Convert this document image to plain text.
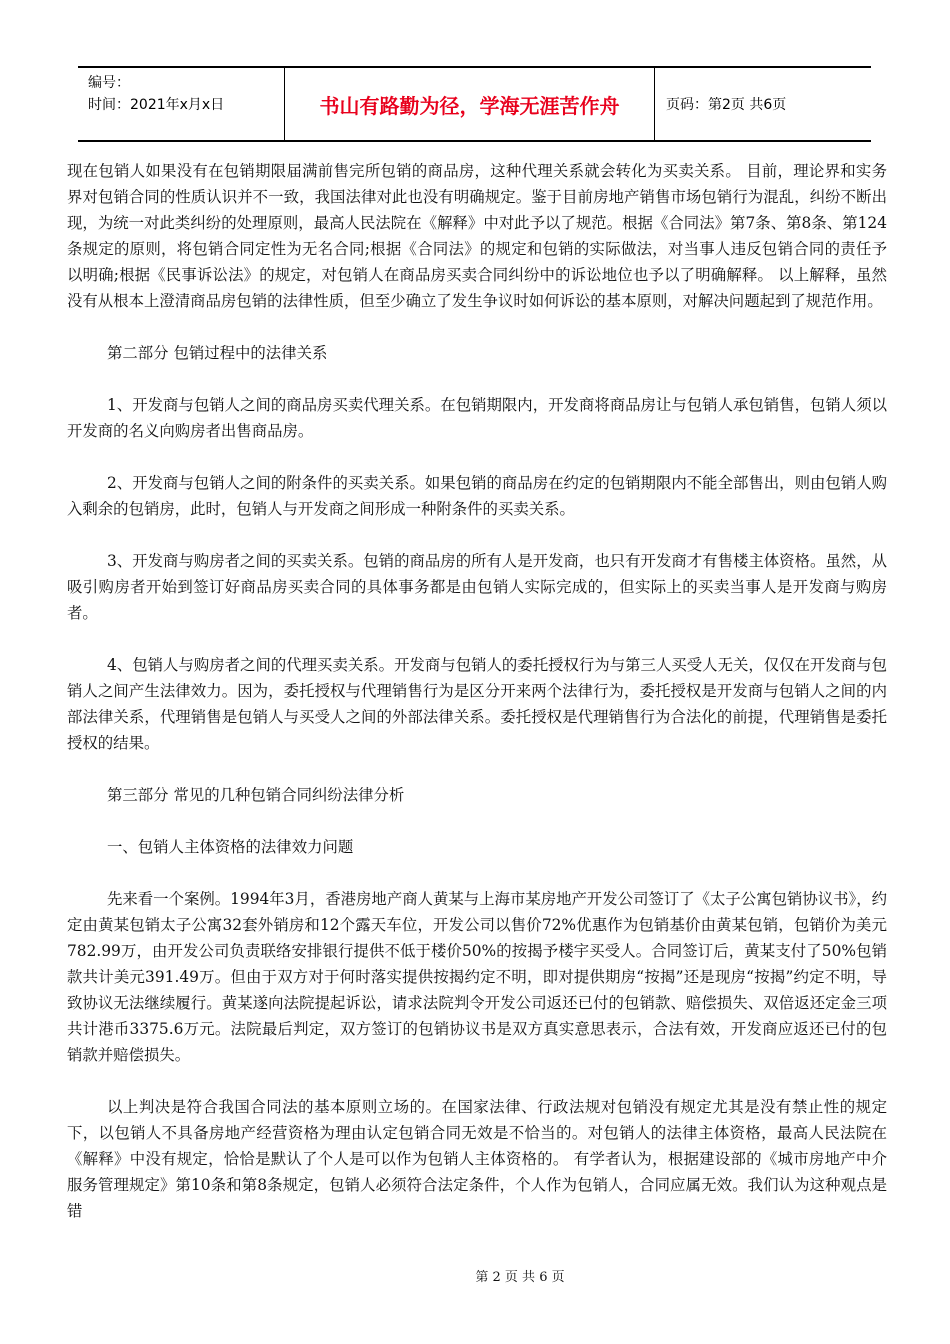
编号：
时间：2021年x月x日	书山有路勤为径，学海无涯苦作舟	页码：第2页 共6页

现在包销人如果没有在包销期限届满前售完所包销的商品房，这种代理关系就会转化为买卖关系。 目前，理论界和实务界对包销合同的性质认识并不一致，我国法律对此也没有明确规定。鉴于目前房地产销售市场包销行为混乱，纠纷不断出现，为统一对此类纠纷的处理原则，最高人民法院在《解释》中对此予以了规范。根据《合同法》第7条、第8条、第124条规定的原则，将包销合同定性为无名合同;根据《合同法》的规定和包销的实际做法，对当事人违反包销合同的责任予以明确;根据《民事诉讼法》的规定，对包销人在商品房买卖合同纠纷中的诉讼地位也予以了明确解释。 以上解释，虽然没有从根本上澄清商品房包销的法律性质，但至少确立了发生争议时如何诉讼的基本原则，对解决问题起到了规范作用。

第二部分 包销过程中的法律关系

1、开发商与包销人之间的商品房买卖代理关系。在包销期限内，开发商将商品房让与包销人承包销售，包销人须以开发商的名义向购房者出售商品房。

2、开发商与包销人之间的附条件的买卖关系。如果包销的商品房在约定的包销期限内不能全部售出，则由包销人购入剩余的包销房，此时，包销人与开发商之间形成一种附条件的买卖关系。

3、开发商与购房者之间的买卖关系。包销的商品房的所有人是开发商，也只有开发商才有售楼主体资格。虽然，从吸引购房者开始到签订好商品房买卖合同的具体事务都是由包销人实际完成的，但实际上的买卖当事人是开发商与购房者。

4、包销人与购房者之间的代理买卖关系。开发商与包销人的委托授权行为与第三人买受人无关，仅仅在开发商与包销人之间产生法律效力。因为，委托授权与代理销售行为是区分开来两个法律行为，委托授权是开发商与包销人之间的内部法律关系，代理销售是包销人与买受人之间的外部法律关系。委托授权是代理销售行为合法化的前提，代理销售是委托授权的结果。

第三部分 常见的几种包销合同纠纷法律分析

一、包销人主体资格的法律效力问题

先来看一个案例。1994年3月，香港房地产商人黄某与上海市某房地产开发公司签订了《太子公寓包销协议书》，约定由黄某包销太子公寓32套外销房和12个露天车位，开发公司以售价72%优惠作为包销基价由黄某包销，包销价为美元782.99万，由开发公司负责联络安排银行提供不低于楼价50%的按揭予楼宇买受人。合同签订后，黄某支付了50%包销款共计美元391.49万。但由于双方对于何时落实提供按揭约定不明，即对提供期房“按揭”还是现房“按揭”约定不明，导致协议无法继续履行。黄某遂向法院提起诉讼，请求法院判令开发公司返还已付的包销款、赔偿损失、双倍返还定金三项共计港币3375.6万元。法院最后判定，双方签订的包销协议书是双方真实意思表示，合法有效，开发商应返还已付的包销款并赔偿损失。

以上判决是符合我国合同法的基本原则立场的。在国家法律、行政法规对包销没有规定尤其是没有禁止性的规定下，以包销人不具备房地产经营资格为理由认定包销合同无效是不恰当的。对包销人的法律主体资格，最高人民法院在《解释》中没有规定，恰恰是默认了个人是可以作为包销人主体资格的。 有学者认为，根据建设部的《城市房地产中介服务管理规定》第10条和第8条规定，包销人必须符合法定条件，个人作为包销人，合同应属无效。我们认为这种观点是错

第 2 页 共 6 页
